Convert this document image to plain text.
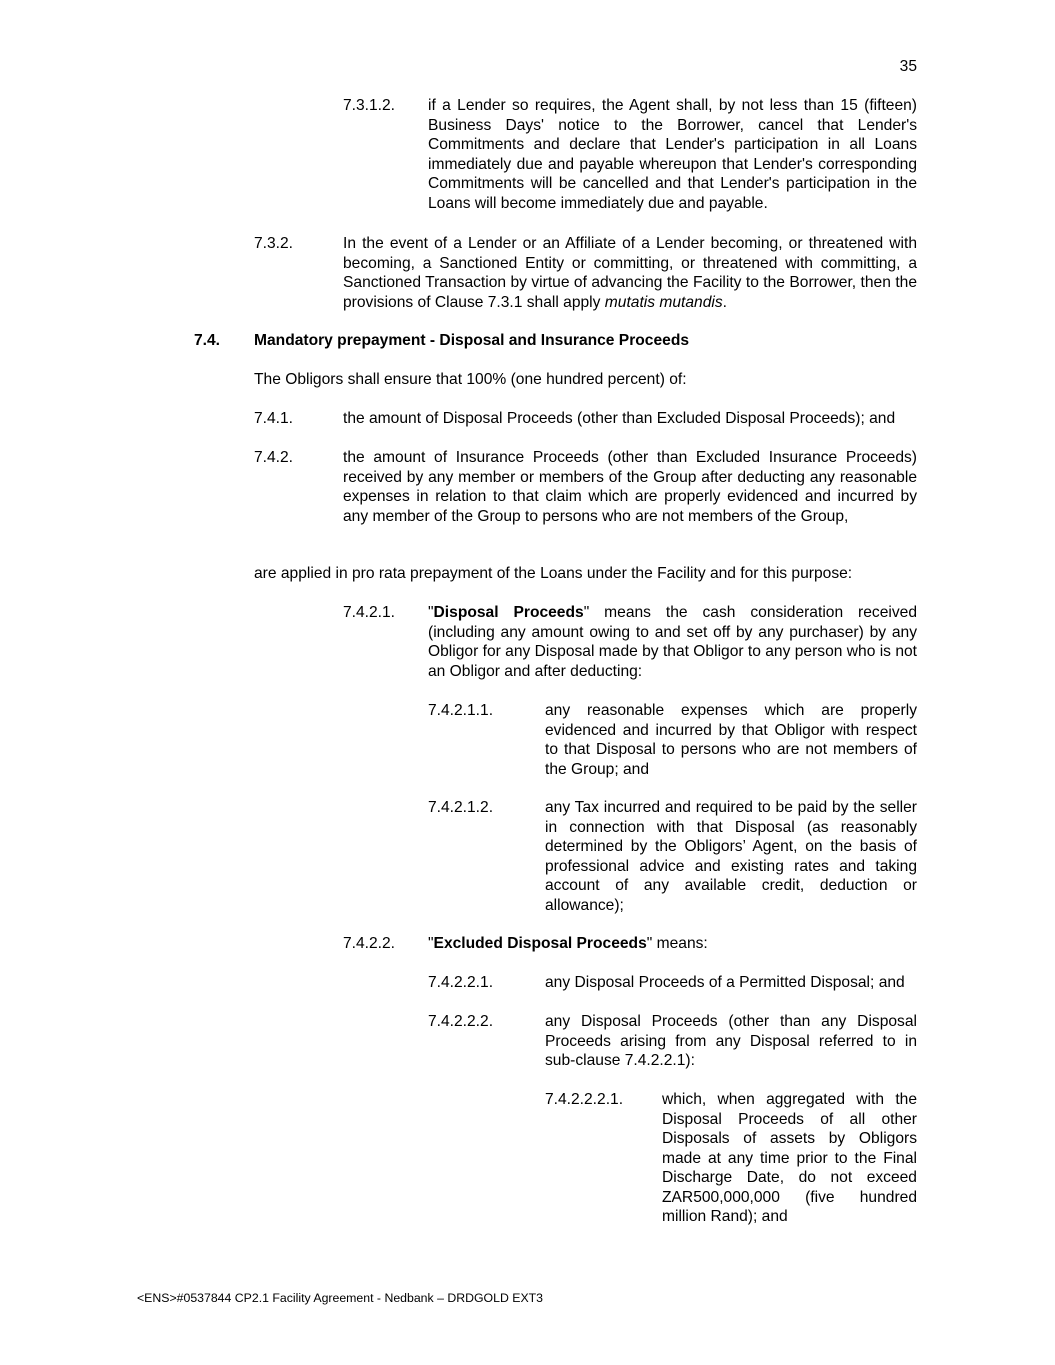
35
7.3.1.2. if a Lender so requires, the Agent shall, by not less than 15 (fifteen) Business Days' notice to the Borrower, cancel that Lender's Commitments and declare that Lender's participation in all Loans immediately due and payable whereupon that Lender's corresponding Commitments will be cancelled and that Lender's participation in the Loans will become immediately due and payable.
7.3.2.	In the event of a Lender or an Affiliate of a Lender becoming, or threatened with becoming, a Sanctioned Entity or committing, or threatened with committing, a Sanctioned Transaction by virtue of advancing the Facility to the Borrower, then the provisions of Clause 7.3.1 shall apply mutatis mutandis.
7.4. Mandatory prepayment - Disposal and Insurance Proceeds
The Obligors shall ensure that 100% (one hundred percent) of:
7.4.1.	the amount of Disposal Proceeds (other than Excluded Disposal Proceeds); and
7.4.2.	the amount of Insurance Proceeds (other than Excluded Insurance Proceeds) received by any member or members of the Group after deducting any reasonable expenses in relation to that claim which are properly evidenced and incurred by any member of the Group to persons who are not members of the Group,
are applied in pro rata prepayment of the Loans under the Facility and for this purpose:
7.4.2.1. "Disposal Proceeds" means the cash consideration received (including any amount owing to and set off by any purchaser) by any Obligor for any Disposal made by that Obligor to any person who is not an Obligor and after deducting:
7.4.2.1.1.	any reasonable expenses which are properly evidenced and incurred by that Obligor with respect to that Disposal to persons who are not members of the Group; and
7.4.2.1.2.	any Tax incurred and required to be paid by the seller in connection with that Disposal (as reasonably determined by the Obligors’ Agent, on the basis of professional advice and existing rates and taking account of any available credit, deduction or allowance);
7.4.2.2. "Excluded Disposal Proceeds" means:
7.4.2.2.1.	any Disposal Proceeds of a Permitted Disposal; and
7.4.2.2.2.	any Disposal Proceeds (other than any Disposal Proceeds arising from any Disposal referred to in sub-clause 7.4.2.2.1):
7.4.2.2.2.1. which, when aggregated with the Disposal Proceeds of all other Disposals of assets by Obligors made at any time prior to the Final Discharge Date, do not exceed ZAR500,000,000 (five hundred million Rand); and
<ENS>#0537844 CP2.1 Facility Agreement - Nedbank – DRDGOLD EXT3
